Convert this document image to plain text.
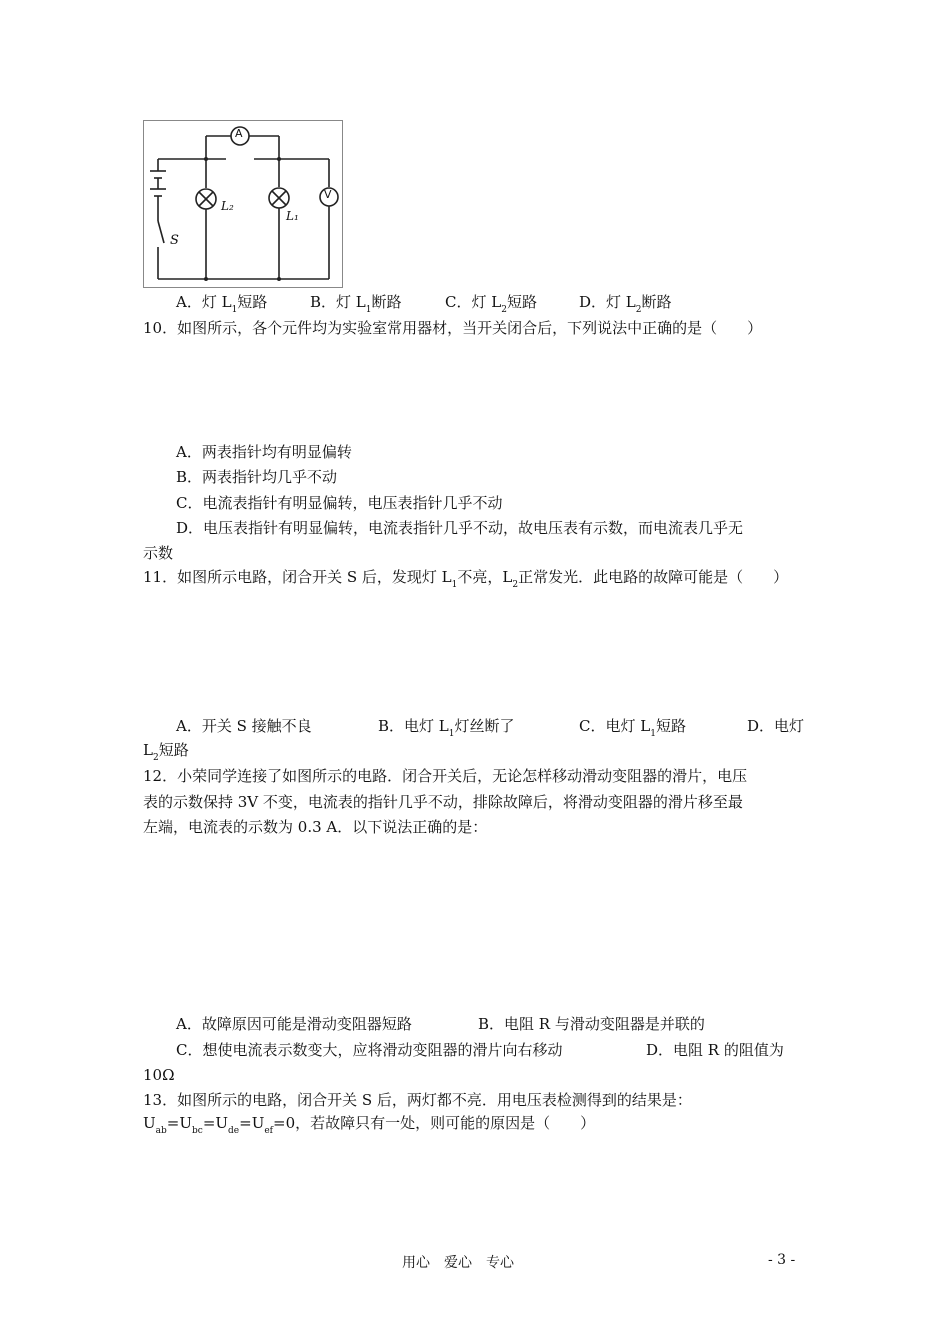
A
V
L₂
L₁
S
A．灯 $L_1$短路	B．灯 $L_1$断路	C．灯 $L_2$短路	D．灯 $L_2$断路
10．如图所示，各个元件均为实验室常用器材，当开关闭合后，下列说法中正确的是（　　）
A．两表指针均有明显偏转
B．两表指针均几乎不动
C．电流表指针有明显偏转，电压表指针几乎不动
D．电压表指针有明显偏转，电流表指针几乎不动，故电压表有示数，而电流表几乎无
示数
11．如图所示电路，闭合开关 S 后，发现灯 $L_1$不亮，$L_2$正常发光．此电路的故障可能是（　　）
A．开关 S 接触不良	B．电灯 $L_1$灯丝断了	C．电灯 $L_1$短路	D．电灯
$L_2$短路
12．小荣同学连接了如图所示的电路．闭合开关后，无论怎样移动滑动变阻器的滑片，电压
表的示数保持 3V 不变，电流表的指针几乎不动，排除故障后，将滑动变阻器的滑片移至最
左端，电流表的示数为 0.3 A．以下说法正确的是：
A．故障原因可能是滑动变阻器短路	B．电阻 R 与滑动变阻器是并联的
C．想使电流表示数变大，应将滑动变阻器的滑片向右移动	D．电阻 R 的阻值为
10Ω
13．如图所示的电路，闭合开关 S 后，两灯都不亮．用电压表检测得到的结果是：
$U_{ab}=U_{bc}=U_{de}=U_{ef}=0$，若故障只有一处，则可能的原因是（　　）
用心　爱心　专心	- 3 -
